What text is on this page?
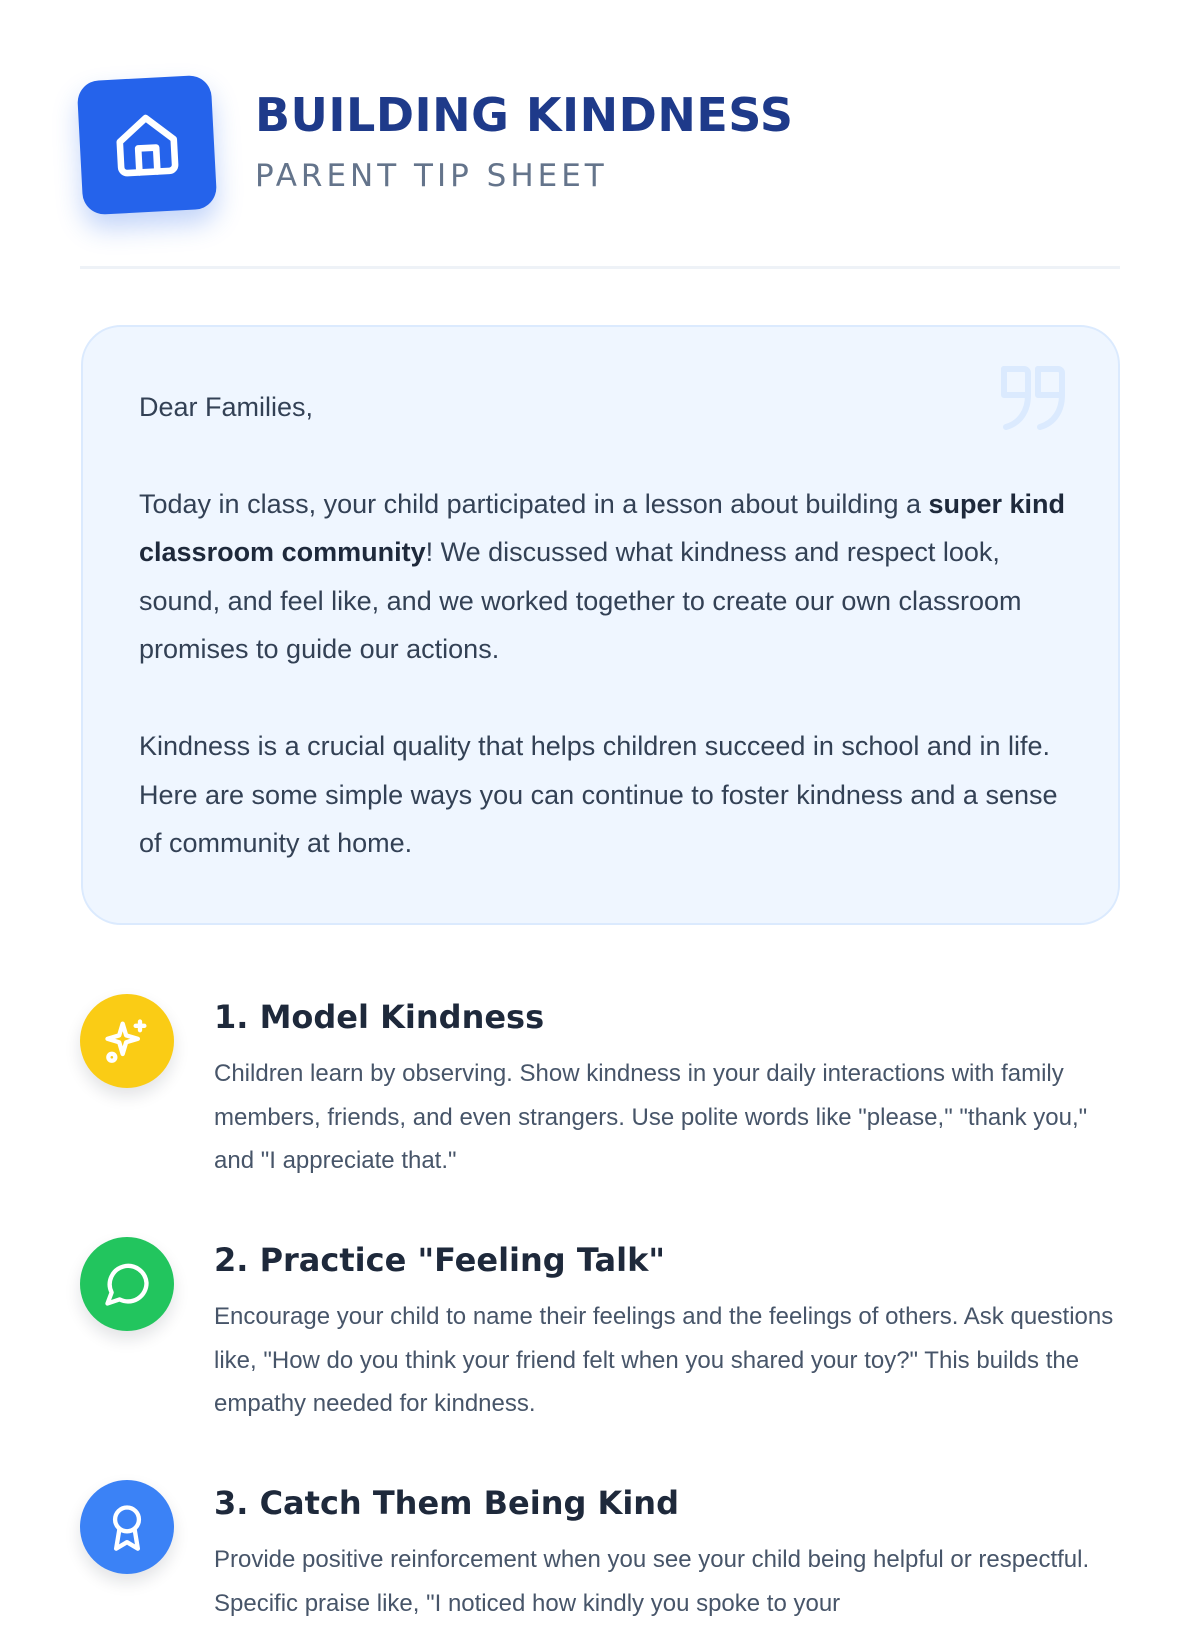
BUILDING KINDNESS
PARENT TIP SHEET

Dear Families,

Today in class, your child participated in a lesson about building a super kind classroom community! We discussed what kindness and respect look, sound, and feel like, and we worked together to create our own classroom promises to guide our actions.

Kindness is a crucial quality that helps children succeed in school and in life. Here are some simple ways you can continue to foster kindness and a sense of community at home.

1. Model Kindness

Children learn by observing. Show kindness in your daily interactions with family members, friends, and even strangers. Use polite words like "please," "thank you," and "I appreciate that."

2. Practice "Feeling Talk"

Encourage your child to name their feelings and the feelings of others. Ask questions like, "How do you think your friend felt when you shared your toy?" This builds the empathy needed for kindness.

3. Catch Them Being Kind

Provide positive reinforcement when you see your child being helpful or respectful. Specific praise like, "I noticed how kindly you spoke to your
